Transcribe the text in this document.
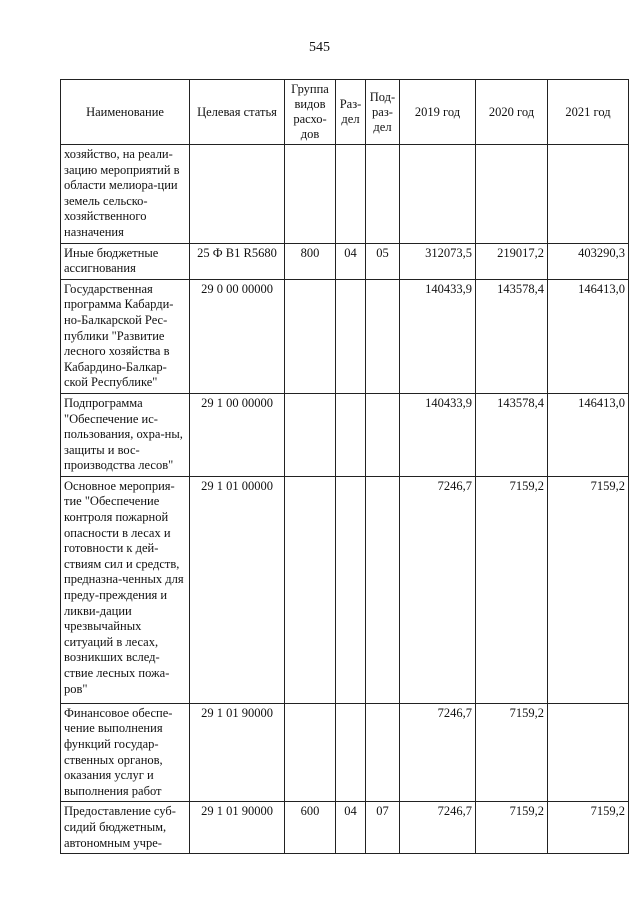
545
Наименование	Целевая статья	Группа видов расхо-дов	Раз-дел	Под-раз-дел	2019 год	2020 год	2021 год
хозяйство, на реали-зацию мероприятий в области мелиора-ции земель сельско-хозяйственного назначения							
Иные бюджетные ассигнования	25 Ф В1 R5680	800	04	05	312073,5	219017,2	403290,3
Государственная программа Кабарди-но-Балкарской Рес-публики "Развитие лесного хозяйства в Кабардино-Балкар-ской Республике"	29 0 00 00000				140433,9	143578,4	146413,0
Подпрограмма "Обеспечение ис-пользования, охра-ны, защиты и вос-производства лесов"	29 1 00 00000				140433,9	143578,4	146413,0
Основное мероприя-тие "Обеспечение контроля пожарной опасности в лесах и готовности к дей-ствиям сил и средств, предназна-ченных для преду-преждения и ликви-дации чрезвычайных ситуаций в лесах, возникших вслед-ствие лесных пожа-ров"	29 1 01 00000				7246,7	7159,2	7159,2
Финансовое обеспе-чение выполнения функций государ-ственных органов, оказания услуг и выполнения работ	29 1 01 90000				7246,7	7159,2	
Предоставление суб-сидий бюджетным, автономным учре-	29 1 01 90000	600	04	07	7246,7	7159,2	7159,2
